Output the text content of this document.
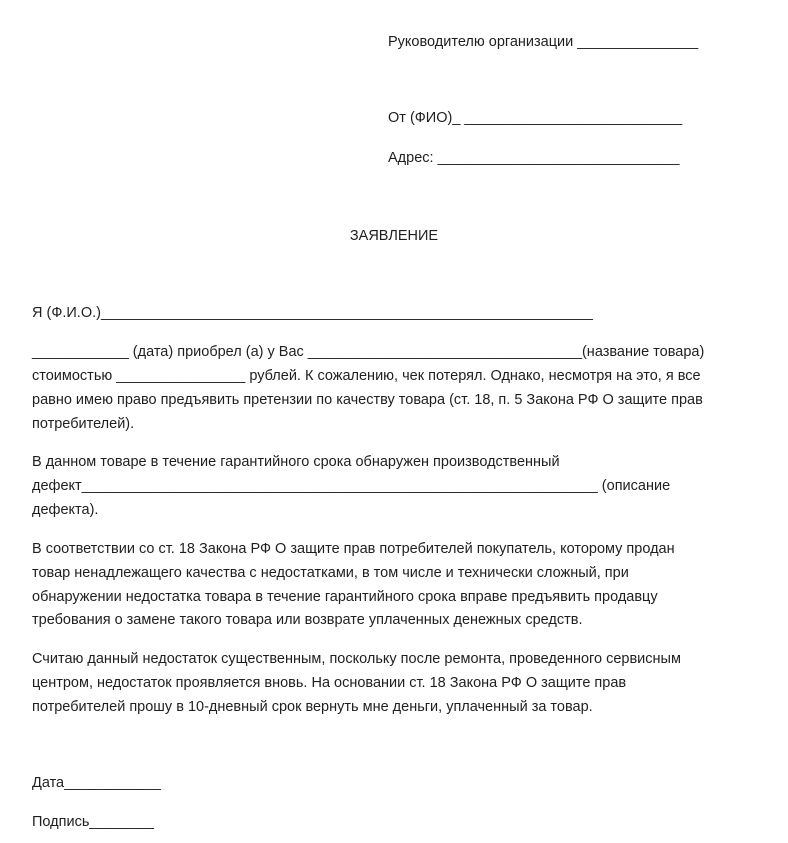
Руководителю организации _______________
От (ФИО)_ ___________________________
Адрес: ______________________________
ЗАЯВЛЕНИЕ
Я (Ф.И.О.)_____________________________________________________________
____________ (дата) приобрел (а) у Вас __________________________________(название товара)
стоимостью ________________ рублей. К сожалению, чек потерял. Однако, несмотря на это, я все
равно имею право предъявить претензии по качеству товара (ст. 18, п. 5 Закона РФ О защите прав
потребителей).
В данном товаре в течение гарантийного срока обнаружен производственный
дефект________________________________________________________________ (описание
дефекта).
В соответствии со ст. 18 Закона РФ О защите прав потребителей покупатель, которому продан
товар ненадлежащего качества с недостатками, в том числе и технически сложный, при
обнаружении недостатка товара в течение гарантийного срока вправе предъявить продавцу
требования о замене такого товара или возврате уплаченных денежных средств.
Считаю данный недостаток существенным, поскольку после ремонта, проведенного сервисным
центром, недостаток проявляется вновь. На основании ст. 18 Закона РФ О защите прав
потребителей прошу в 10-дневный срок вернуть мне деньги, уплаченный за товар.
Дата____________
Подпись________
